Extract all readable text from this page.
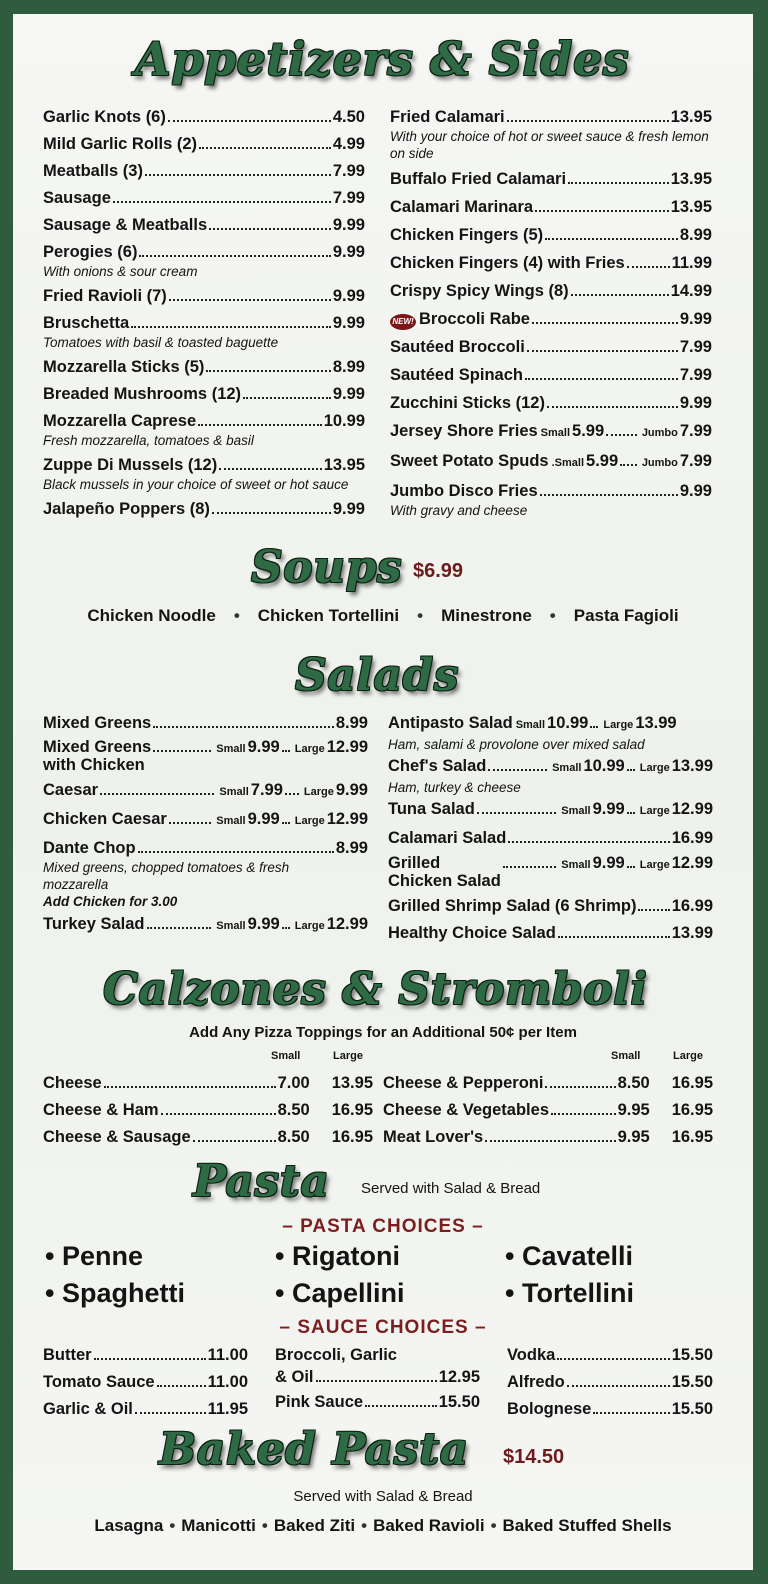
Appetizers & Sides
Garlic Knots (6)	4.50
Mild Garlic Rolls (2)	4.99
Meatballs (3)	7.99
Sausage	7.99
Sausage & Meatballs	9.99
Perogies (6)	9.99
With onions & sour cream
Fried Ravioli (7)	9.99
Bruschetta	9.99
Tomatoes with basil & toasted baguette
Mozzarella Sticks (5)	8.99
Breaded Mushrooms (12)	9.99
Mozzarella Caprese	10.99
Fresh mozzarella, tomatoes & basil
Zuppe Di Mussels (12)	13.95
Black mussels in your choice of sweet or hot sauce
Jalapeño Poppers (8)	9.99
Fried Calamari	13.95
With your choice of hot or sweet sauce & fresh lemon on side
Buffalo Fried Calamari	13.95
Calamari Marinara	13.95
Chicken Fingers (5)	8.99
Chicken Fingers (4) with Fries	11.99
Crispy Spicy Wings (8)	14.99
NEW! Broccoli Rabe	9.99
Sautéed Broccoli	7.99
Sautéed Spinach	7.99
Zucchini Sticks (12)	9.99
Jersey Shore Fries Small 5.99	Jumbo 7.99
Sweet Potato Spuds .Small 5.99 Jumbo 7.99
Jumbo Disco Fries	9.99
With gravy and cheese
Soups $6.99
Chicken Noodle • Chicken Tortellini • Minestrone • Pasta Fagioli
Salads
Mixed Greens	8.99
Mixed Greens
with Chicken
Small 9.99 Large 12.99
Caesar	Small 7.99 Large 9.99
Chicken Caesar	Small 9.99 Large 12.99
Dante Chop	8.99
Mixed greens, chopped tomatoes & fresh mozzarella
Add Chicken for 3.00
Turkey Salad	Small 9.99 Large 12.99
Antipasto Salad Small 10.99 Large 13.99
Ham, salami & provolone over mixed salad
Chef's Salad	Small 10.99 Large 13.99
Ham, turkey & cheese
Tuna Salad	Small 9.99 Large 12.99
Calamari Salad	16.99
Grilled
Chicken Salad
Small 9.99 Large 12.99
Grilled Shrimp Salad (6 Shrimp) 16.99
Healthy Choice Salad	13.99
Calzones & Stromboli
Add Any Pizza Toppings for an Additional 50¢ per Item
Small	Large	Small	Large
Cheese	7.00 13.95
Cheese & Ham	8.50 16.95
Cheese & Sausage	8.50 16.95
Cheese & Pepperoni	8.50 16.95
Cheese & Vegetables	9.95 16.95
Meat Lover's	9.95 16.95
Pasta Served with Salad & Bread
– PASTA CHOICES –
• Penne
• Spaghetti
• Rigatoni
• Capellini
• Cavatelli
• Tortellini
– SAUCE CHOICES –
Butter	11.00
Tomato Sauce	11.00
Garlic & Oil	11.95
Broccoli, Garlic
& Oil	12.95
Pink Sauce	15.50
Vodka	15.50
Alfredo	15.50
Bolognese	15.50
Baked Pasta $14.50
Served with Salad & Bread
Lasagna • Manicotti • Baked Ziti • Baked Ravioli • Baked Stuffed Shells
